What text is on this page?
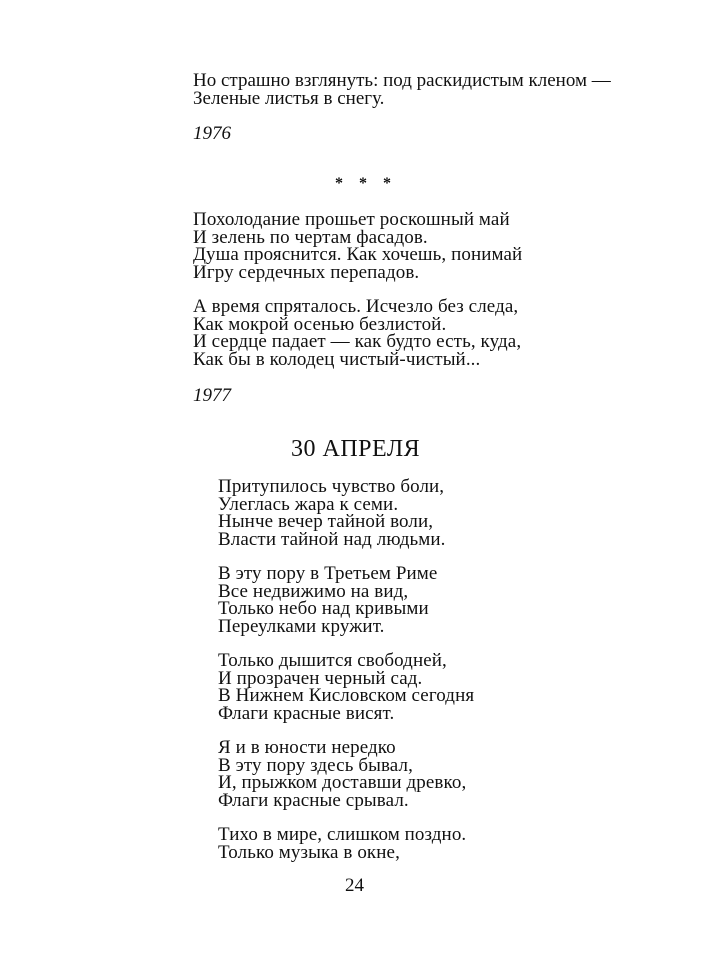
Но страшно взглянуть: под раскидистым кленом —
Зеленые листья в снегу.
1976
* * *
Похолодание прошьет роскошный май
И зелень по чертам фасадов.
Душа прояснится. Как хочешь, понимай
Игру сердечных перепадов.
А время спряталось. Исчезло без следа,
Как мокрой осенью безлистой.
И сердце падает — как будто есть, куда,
Как бы в колодец чистый-чистый...
1977
30 АПРЕЛЯ
Притупилось чувство боли,
Улеглась жара к семи.
Нынче вечер тайной воли,
Власти тайной над людьми.
В эту пору в Третьем Риме
Все недвижимо на вид,
Только небо над кривыми
Переулками кружит.
Только дышится свободней,
И прозрачен черный сад.
В Нижнем Кисловском сегодня
Флаги красные висят.
Я и в юности нередко
В эту пору здесь бывал,
И, прыжком доставши древко,
Флаги красные срывал.
Тихо в мире, слишком поздно.
Только музыка в окне,
24
